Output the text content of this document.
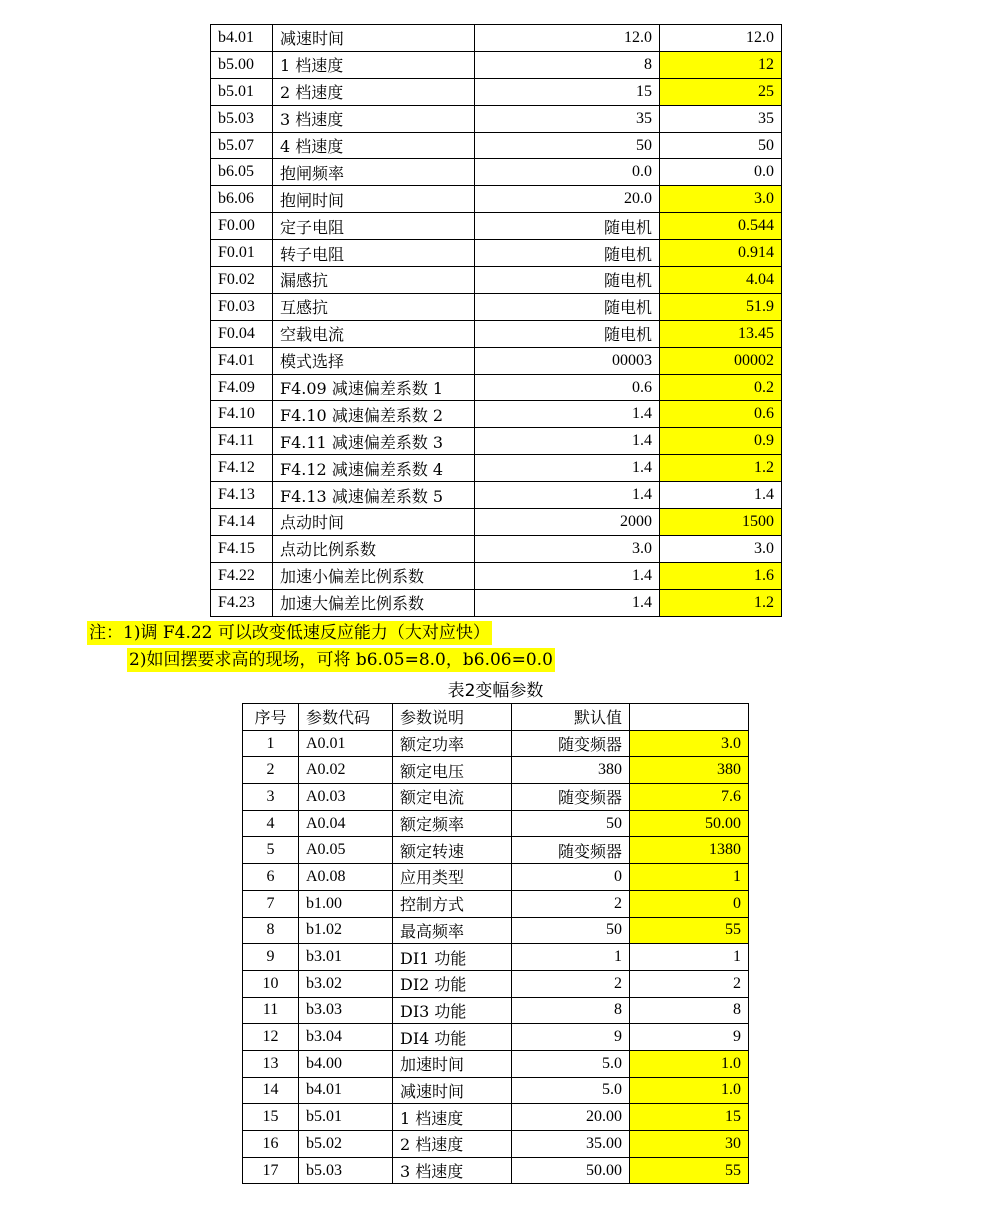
b4.01	减速时间	12.0	12.0
b5.00	1 档速度	8	12
b5.01	2 档速度	15	25
b5.03	3 档速度	35	35
b5.07	4 档速度	50	50
b6.05	抱闸频率	0.0	0.0
b6.06	抱闸时间	20.0	3.0
F0.00	定子电阻	随电机	0.544
F0.01	转子电阻	随电机	0.914
F0.02	漏感抗	随电机	4.04
F0.03	互感抗	随电机	51.9
F0.04	空载电流	随电机	13.45
F4.01	模式选择	00003	00002
F4.09	F4.09 减速偏差系数 1	0.6	0.2
F4.10	F4.10 减速偏差系数 2	1.4	0.6
F4.11	F4.11 减速偏差系数 3	1.4	0.9
F4.12	F4.12 减速偏差系数 4	1.4	1.2
F4.13	F4.13 减速偏差系数 5	1.4	1.4
F4.14	点动时间	2000	1500
F4.15	点动比例系数	3.0	3.0
F4.22	加速小偏差比例系数	1.4	1.6
F4.23	加速大偏差比例系数	1.4	1.2
注：1)调 F4.22 可以改变低速反应能力（大对应快）
2)如回摆要求高的现场，可将 b6.05=8.0，b6.06=0.0
表2变幅参数
序号	参数代码	参数说明	默认值	
1	A0.01	额定功率	随变频器	3.0
2	A0.02	额定电压	380	380
3	A0.03	额定电流	随变频器	7.6
4	A0.04	额定频率	50	50.00
5	A0.05	额定转速	随变频器	1380
6	A0.08	应用类型	0	1
7	b1.00	控制方式	2	0
8	b1.02	最高频率	50	55
9	b3.01	DI1 功能	1	1
10	b3.02	DI2 功能	2	2
11	b3.03	DI3 功能	8	8
12	b3.04	DI4 功能	9	9
13	b4.00	加速时间	5.0	1.0
14	b4.01	减速时间	5.0	1.0
15	b5.01	1 档速度	20.00	15
16	b5.02	2 档速度	35.00	30
17	b5.03	3 档速度	50.00	55
